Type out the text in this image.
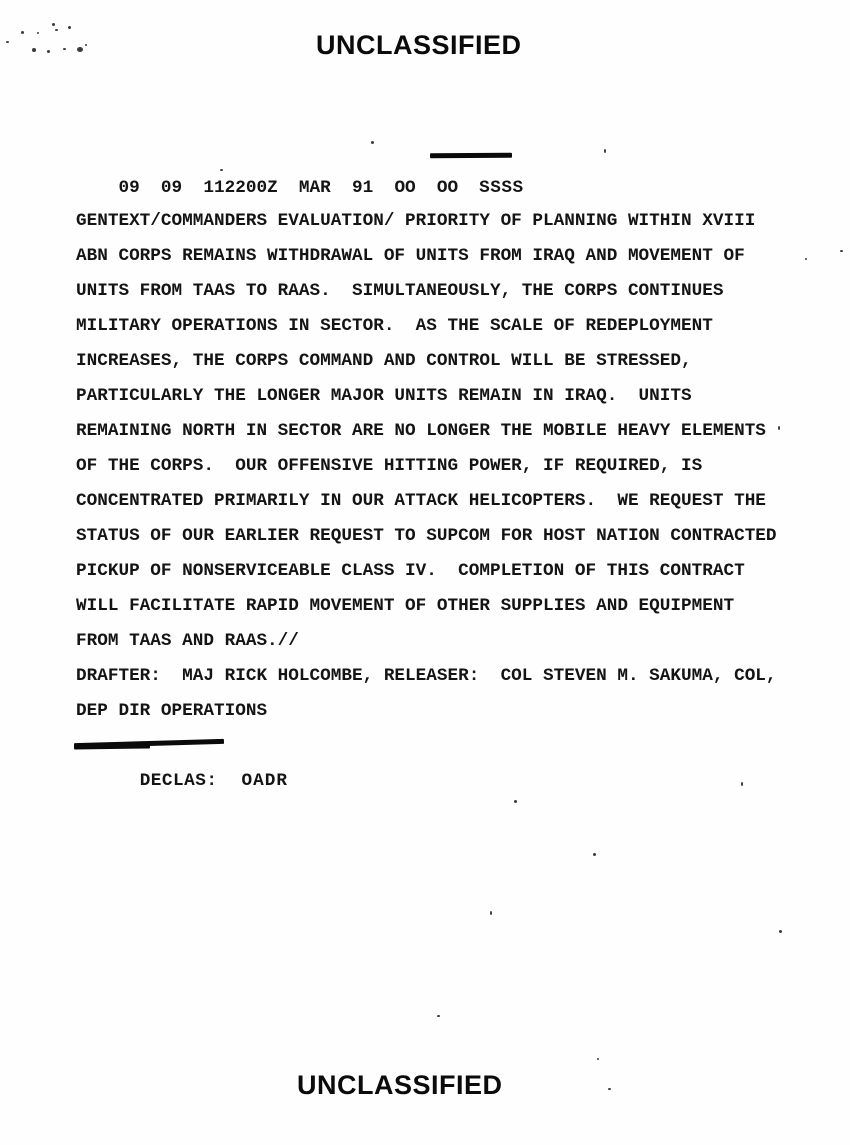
UNCLASSIFIED

09  09  112200Z  MAR  91  OO  OO SSSS

GENTEXT/COMMANDERS EVALUATION/ PRIORITY OF PLANNING WITHIN XVIII
ABN CORPS REMAINS WITHDRAWAL OF UNITS FROM IRAQ AND MOVEMENT OF
UNITS FROM TAAS TO RAAS.  SIMULTANEOUSLY, THE CORPS CONTINUES
MILITARY OPERATIONS IN SECTOR.  AS THE SCALE OF REDEPLOYMENT
INCREASES, THE CORPS COMMAND AND CONTROL WILL BE STRESSED,
PARTICULARLY THE LONGER MAJOR UNITS REMAIN IN IRAQ.  UNITS
REMAINING NORTH IN SECTOR ARE NO LONGER THE MOBILE HEAVY ELEMENTS
OF THE CORPS.  OUR OFFENSIVE HITTING POWER, IF REQUIRED, IS
CONCENTRATED PRIMARILY IN OUR ATTACK HELICOPTERS.  WE REQUEST THE
STATUS OF OUR EARLIER REQUEST TO SUPCOM FOR HOST NATION CONTRACTED
PICKUP OF NONSERVICEABLE CLASS IV.  COMPLETION OF THIS CONTRACT
WILL FACILITATE RAPID MOVEMENT OF OTHER SUPPLIES AND EQUIPMENT
FROM TAAS AND RAAS.//
DRAFTER:  MAJ RICK HOLCOMBE, RELEASER:  COL STEVEN M. SAKUMA, COL,
DEP DIR OPERATIONS

DECLAS: OADR

UNCLASSIFIED
